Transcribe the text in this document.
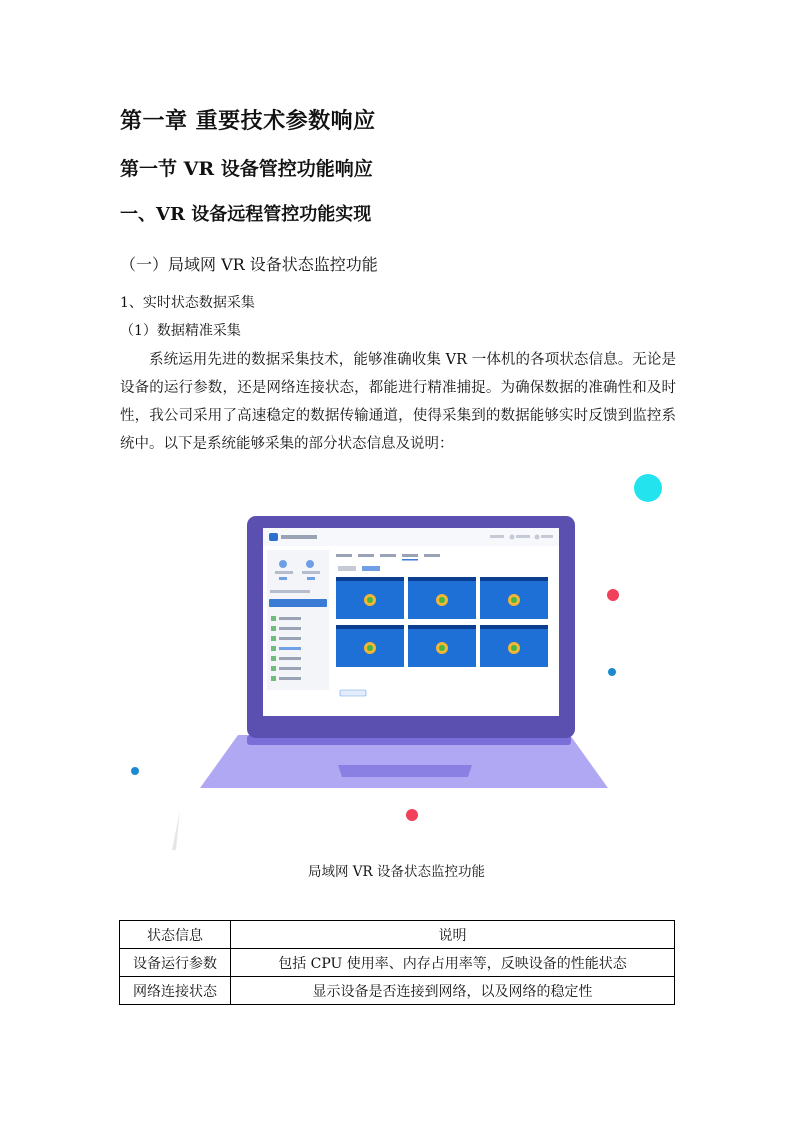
第一章 重要技术参数响应
第一节 VR 设备管控功能响应
一、VR 设备远程管控功能实现
（一）局域网 VR 设备状态监控功能
1、实时状态数据采集
（1）数据精准采集
系统运用先进的数据采集技术，能够准确收集 VR 一体机的各项状态信息。无论是设备的运行参数，还是网络连接状态，都能进行精准捕捉。为确保数据的准确性和及时性，我公司采用了高速稳定的数据传输通道，使得采集到的数据能够实时反馈到监控系统中。以下是系统能够采集的部分状态信息及说明：
局域网 VR 设备状态监控功能
状态信息	说明
设备运行参数	包括 CPU 使用率、内存占用率等，反映设备的性能状态
网络连接状态	显示设备是否连接到网络，以及网络的稳定性
